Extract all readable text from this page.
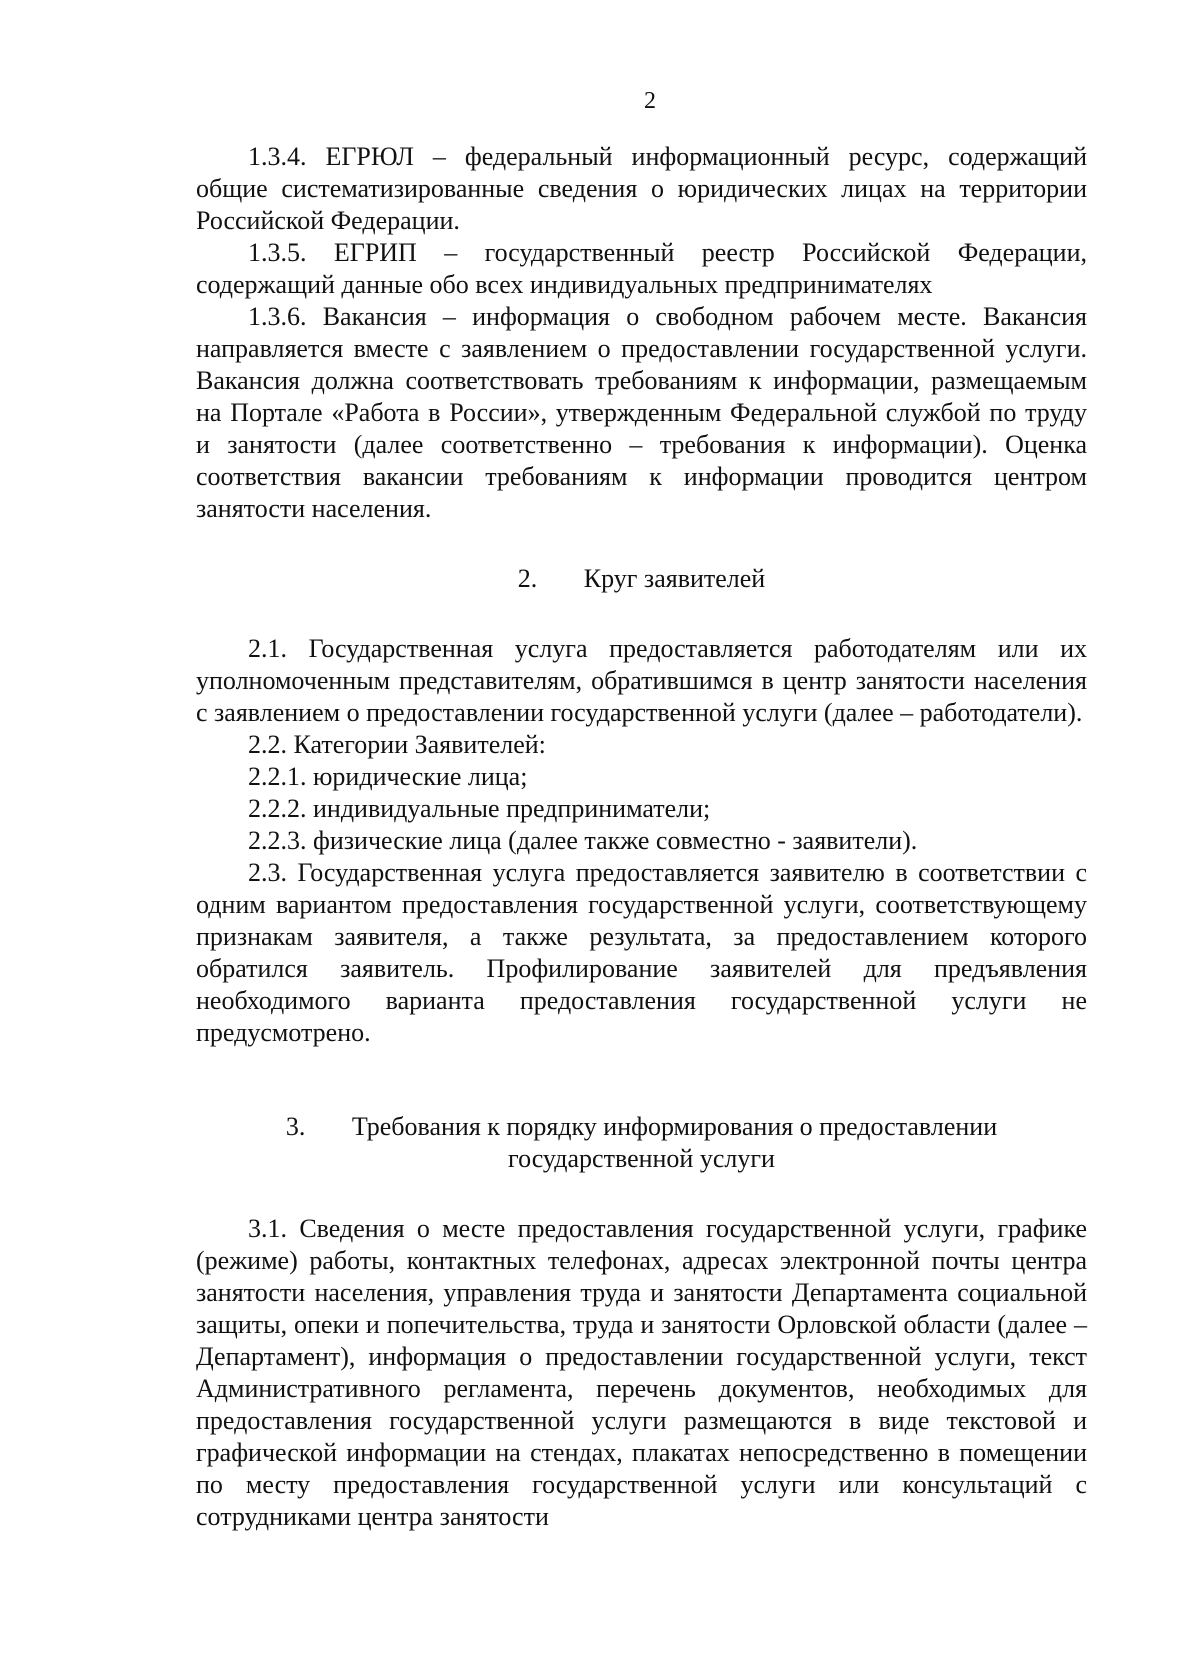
2

1.3.4. ЕГРЮЛ – федеральный информационный ресурс, содержащий общие систематизированные сведения о юридических лицах на территории Российской Федерации.

1.3.5. ЕГРИП – государственный реестр Российской Федерации, содержащий данные обо всех индивидуальных предпринимателях

1.3.6. Вакансия – информация о свободном рабочем месте. Вакансия направляется вместе с заявлением о предоставлении государственной услуги. Вакансия должна соответствовать требованиям к информации, размещаемым на Портале «Работа в России», утвержденным Федеральной службой по труду и занятости (далее соответственно – требования к информации). Оценка соответствия вакансии требованиям к информации проводится центром занятости населения.

2. Круг заявителей

2.1. Государственная услуга предоставляется работодателям или их уполномоченным представителям, обратившимся в центр занятости населения с заявлением о предоставлении государственной услуги (далее – работодатели).

2.2. Категории Заявителей:

2.2.1. юридические лица;

2.2.2. индивидуальные предприниматели;

2.2.3. физические лица (далее также совместно - заявители).

2.3. Государственная услуга предоставляется заявителю в соответствии с одним вариантом предоставления государственной услуги, соответствующему признакам заявителя, а также результата, за предоставлением которого обратился заявитель. Профилирование заявителей для предъявления необходимого варианта предоставления государственной услуги не предусмотрено.

3. Требования к порядку информирования о предоставлении
государственной услуги

3.1. Сведения о месте предоставления государственной услуги, графике (режиме) работы, контактных телефонах, адресах электронной почты центра занятости населения, управления труда и занятости Департамента социальной защиты, опеки и попечительства, труда и занятости Орловской области (далее – Департамент), информация о предоставлении государственной услуги, текст Административного регламента, перечень документов, необходимых для предоставления государственной услуги размещаются в виде текстовой и графической информации на стендах, плакатах непосредственно в помещении по месту предоставления государственной услуги или консультаций с сотрудниками центра занятости
